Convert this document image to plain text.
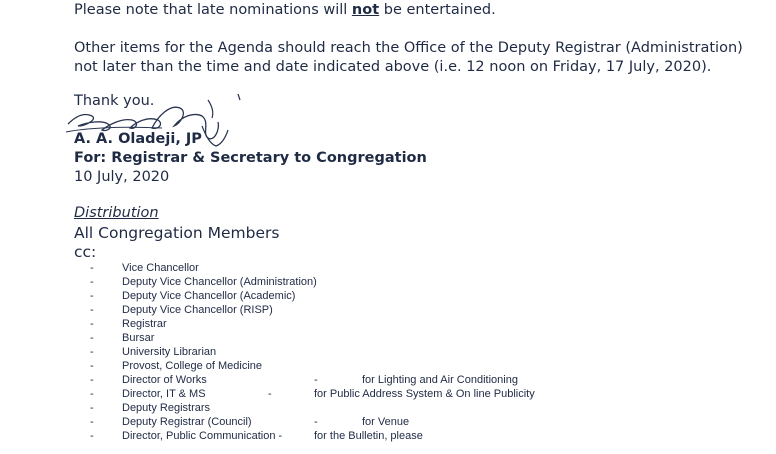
Please note that late nominations will not be entertained.

Other items for the Agenda should reach the Office of the Deputy Registrar (Administration)

not later than the time and date indicated above (i.e. 12 noon on Friday, 17 July, 2020).

Thank you.
A. A. Oladeji, JP
For: Registrar & Secretary to Congregation
10 July, 2020
Distribution
All Congregation Members
cc:
-	Vice Chancellor
-	Deputy Vice Chancellor (Administration)
-	Deputy Vice Chancellor (Academic)
-	Deputy Vice Chancellor (RISP)
-	Registrar
-	Bursar
-	University Librarian
-	Provost, College of Medicine
-	Director of Works	-	for Lighting and Air Conditioning
-	Director, IT & MS	-	for Public Address System & On line Publicity
-	Deputy Registrars
-	Deputy Registrar (Council)	-	for Venue
-	Director, Public Communication -	for the Bulletin, please
